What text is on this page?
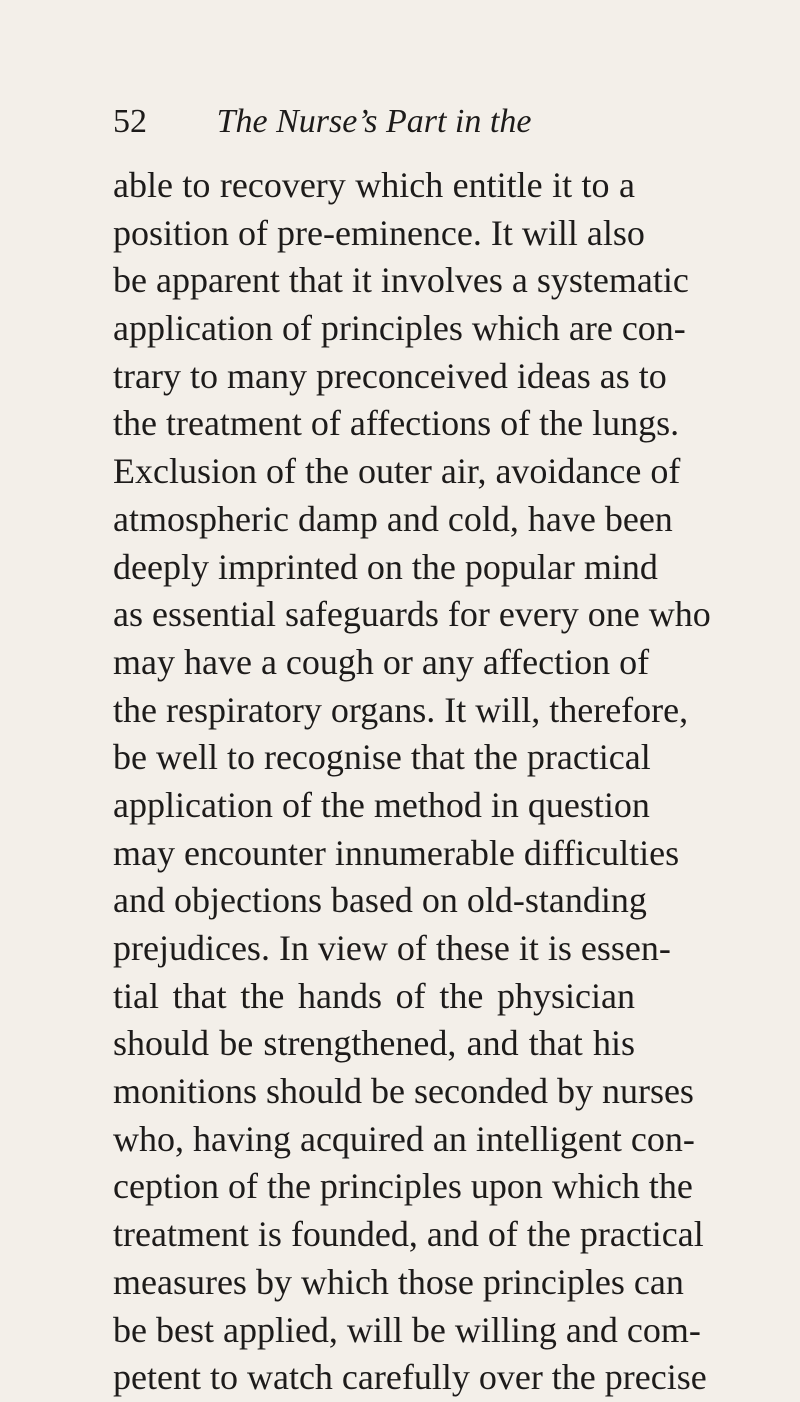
52	The Nurse’s Part in the
able to recovery which entitle it to a
position of pre-eminence. It will also
be apparent that it involves a systematic
application of principles which are con-
trary to many preconceived ideas as to
the treatment of affections of the lungs.
Exclusion of the outer air, avoidance of
atmospheric damp and cold, have been
deeply imprinted on the popular mind
as essential safeguards for every one who
may have a cough or any affection of
the respiratory organs. It will, therefore,
be well to recognise that the practical
application of the method in question
may encounter innumerable difficulties
and objections based on old-standing
prejudices. In view of these it is essen-
tial that the hands of the physician
should be strengthened, and that his
monitions should be seconded by nurses
who, having acquired an intelligent con-
ception of the principles upon which the
treatment is founded, and of the practical
measures by which those principles can
be best applied, will be willing and com-
petent to watch carefully over the precise
